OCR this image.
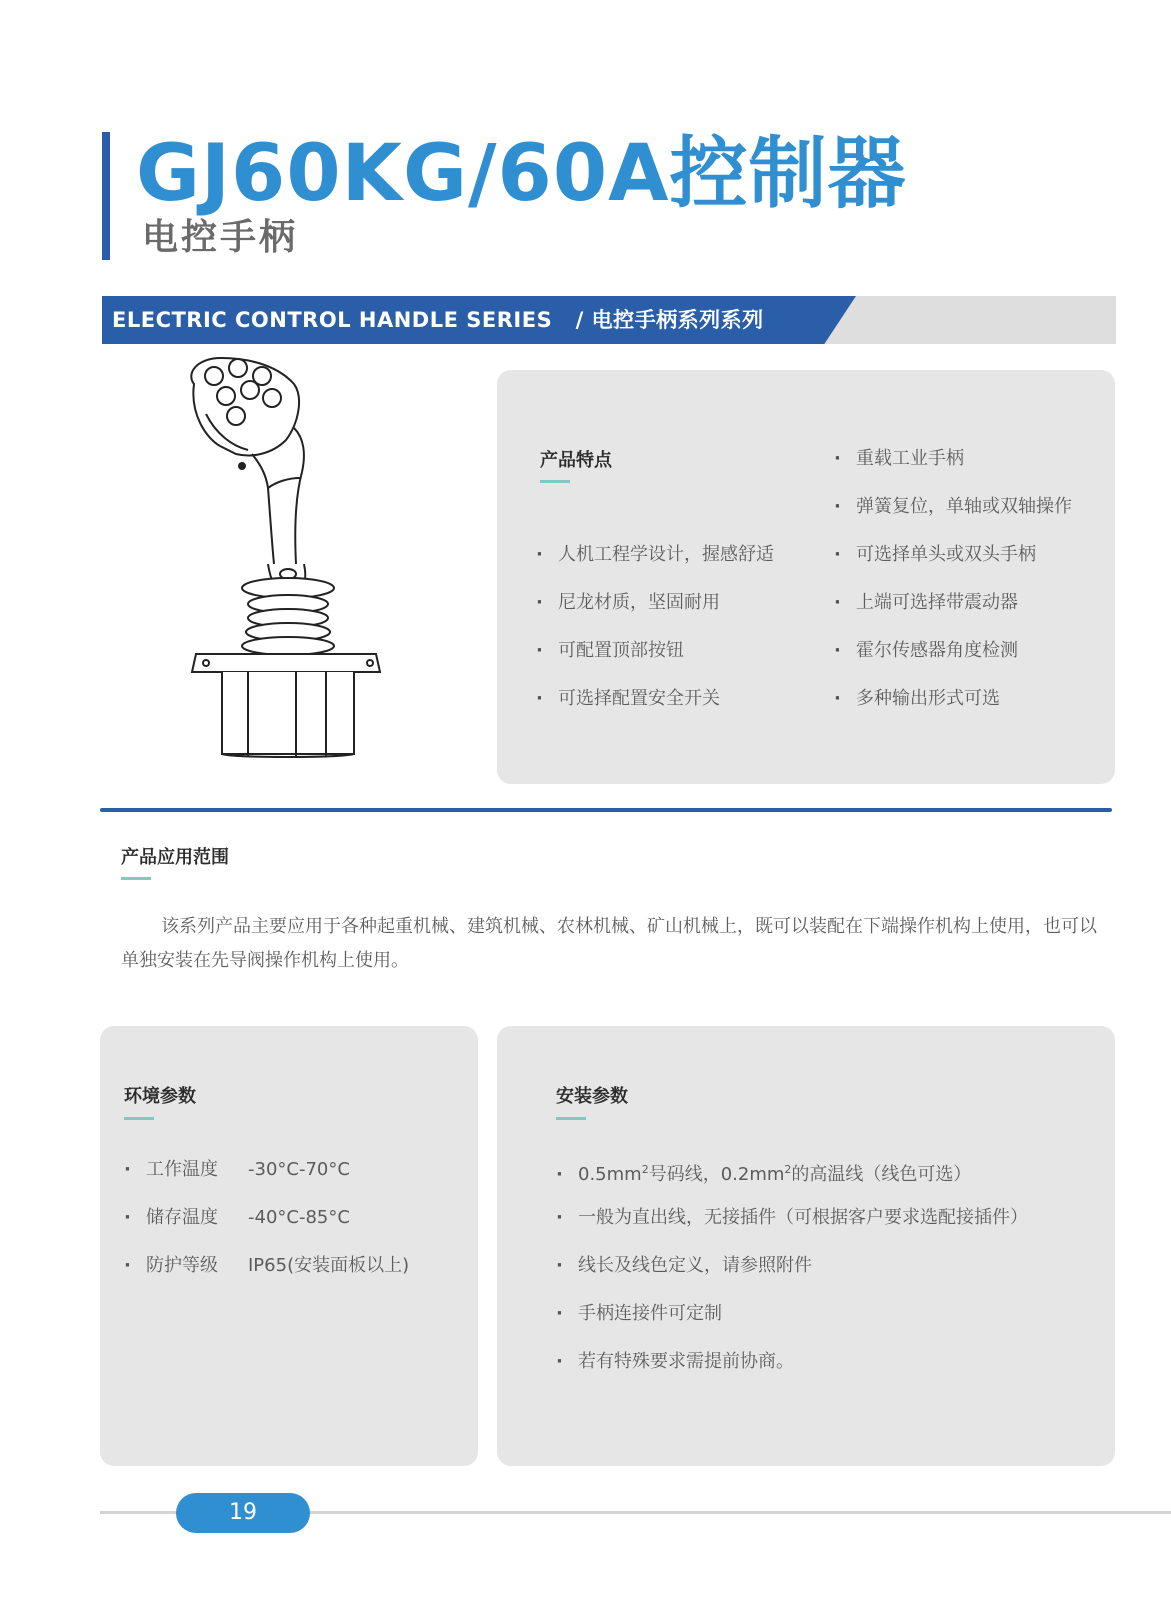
GJ60KG/60A控制器
电控手柄
ELECTRIC CONTROL HANDLE SERIES   / 电控手柄系列系列
产品特点
· 人机工程学设计，握感舒适
· 尼龙材质，坚固耐用
· 可配置顶部按钮
· 可选择配置安全开关
· 重载工业手柄
· 弹簧复位，单轴或双轴操作
· 可选择单头或双头手柄
· 上端可选择带震动器
· 霍尔传感器角度检测
· 多种输出形式可选
产品应用范围
该系列产品主要应用于各种起重机械、建筑机械、农林机械、矿山机械上，既可以装配在下端操作机构上使用，也可以单独安装在先导阀操作机构上使用。
环境参数
· 工作温度 -30°C-70°C
· 储存温度 -40°C-85°C
· 防护等级 IP65(安装面板以上)
安装参数
· $0.5mm^2$号码线，$0.2mm^2$的高温线（线色可选）
· 一般为直出线，无接插件（可根据客户要求选配接插件）
· 线长及线色定义，请参照附件
· 手柄连接件可定制
· 若有特殊要求需提前协商。
19
